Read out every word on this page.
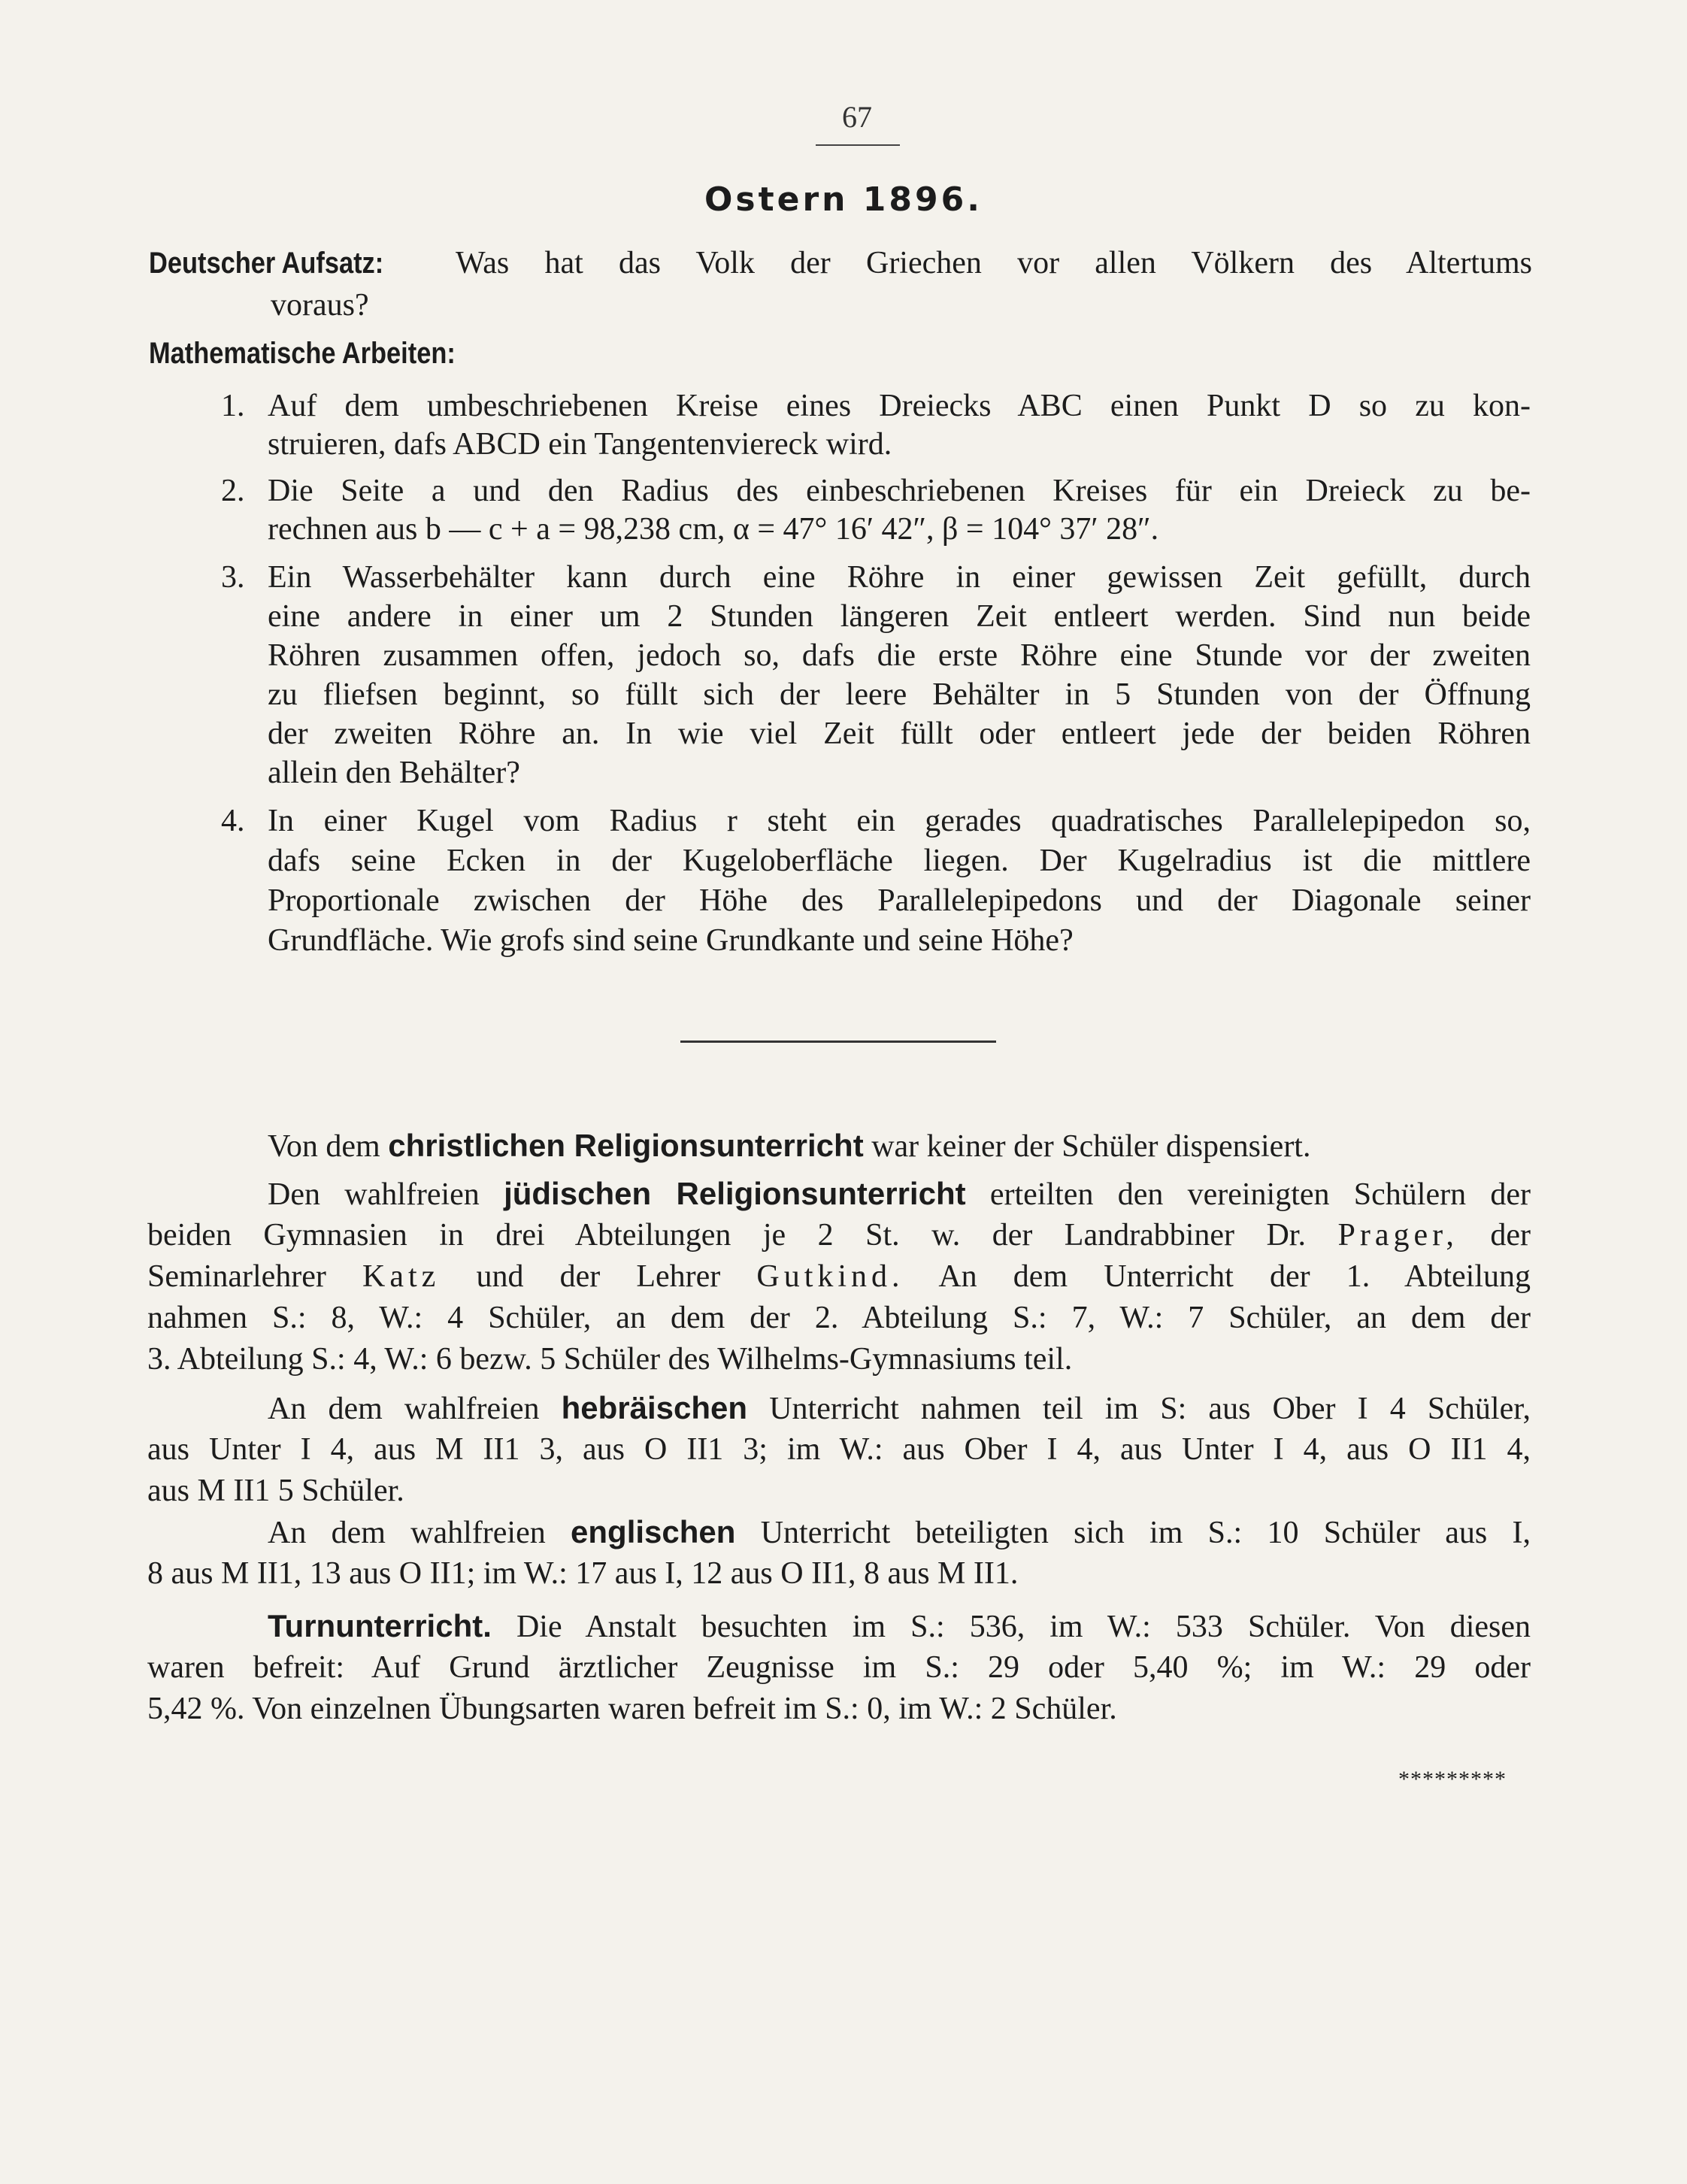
67
Ostern 1896.
Deutscher Aufsatz: Was hat das Volk der Griechen vor allen Völkern des Altertums
voraus?
Mathematische Arbeiten:
1. Auf dem umbeschriebenen Kreise eines Dreiecks ABC einen Punkt D so zu kon-
struieren, dafs ABCD ein Tangentenviereck wird.
2. Die Seite a und den Radius des einbeschriebenen Kreises für ein Dreieck zu be-
rechnen aus b — c + a = 98,238 cm, α = 47° 16′ 42″, β = 104° 37′ 28″.
3. Ein Wasserbehälter kann durch eine Röhre in einer gewissen Zeit gefüllt, durch
eine andere in einer um 2 Stunden längeren Zeit entleert werden. Sind nun beide
Röhren zusammen offen, jedoch so, dafs die erste Röhre eine Stunde vor der zweiten
zu fliefsen beginnt, so füllt sich der leere Behälter in 5 Stunden von der Öffnung
der zweiten Röhre an. In wie viel Zeit füllt oder entleert jede der beiden Röhren
allein den Behälter?
4. In einer Kugel vom Radius r steht ein gerades quadratisches Parallelepipedon so,
dafs seine Ecken in der Kugeloberfläche liegen. Der Kugelradius ist die mittlere
Proportionale zwischen der Höhe des Parallelepipedons und der Diagonale seiner
Grundfläche. Wie grofs sind seine Grundkante und seine Höhe?
Von dem christlichen Religionsunterricht war keiner der Schüler dispensiert.
Den wahlfreien jüdischen Religionsunterricht erteilten den vereinigten Schülern der
beiden Gymnasien in drei Abteilungen je 2 St. w. der Landrabbiner Dr. Prager, der
Seminarlehrer Katz und der Lehrer Gutkind. An dem Unterricht der 1. Abteilung
nahmen S.: 8, W.: 4 Schüler, an dem der 2. Abteilung S.: 7, W.: 7 Schüler, an dem der
3. Abteilung S.: 4, W.: 6 bezw. 5 Schüler des Wilhelms-Gymnasiums teil.
An dem wahlfreien hebräischen Unterricht nahmen teil im S: aus Ober I 4 Schüler,
aus Unter I 4, aus M II1 3, aus O II1 3; im W.: aus Ober I 4, aus Unter I 4, aus O II1 4,
aus M II1 5 Schüler.
An dem wahlfreien englischen Unterricht beteiligten sich im S.: 10 Schüler aus I,
8 aus M II1, 13 aus O II1; im W.: 17 aus I, 12 aus O II1, 8 aus M II1.
Turnunterricht. Die Anstalt besuchten im S.: 536, im W.: 533 Schüler. Von diesen
waren befreit: Auf Grund ärztlicher Zeugnisse im S.: 29 oder 5,40 %; im W.: 29 oder
5,42 %. Von einzelnen Übungsarten waren befreit im S.: 0, im W.: 2 Schüler.
*********
